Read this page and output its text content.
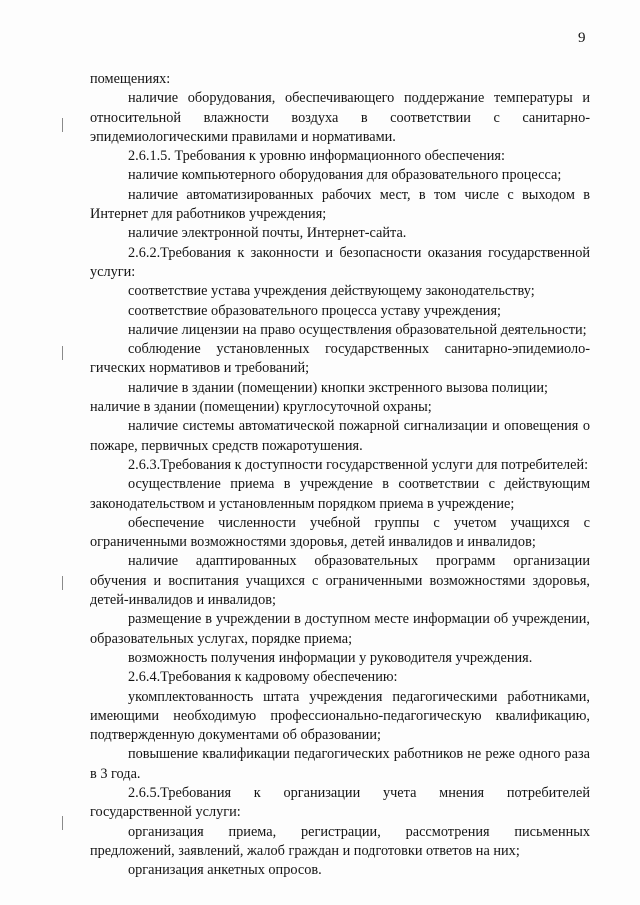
9

помещениях:

наличие оборудования, обеспечивающего поддержание температуры и относительной влажности воздуха в соответствии с санитарно-эпидемиологическими правилами и нормативами.

2.6.1.5. Требования к уровню информационного обеспечения:

наличие компьютерного оборудования для образовательного процесса;

наличие автоматизированных рабочих мест, в том числе с выходом в Интернет для работников учреждения;

наличие электронной почты, Интернет-сайта.

2.6.2.Требования к законности и безопасности оказания государственной услуги:

соответствие устава учреждения действующему законодательству;

соответствие образовательного процесса уставу учреждения;

наличие лицензии на право осуществления образовательной деятельности;

соблюдение установленных государственных санитарно-эпидемиоло-гических нормативов и требований;

наличие в здании (помещении) кнопки экстренного вызова полиции;

наличие в здании (помещении) круглосуточной охраны;

наличие системы автоматической пожарной сигнализации и оповещения о пожаре, первичных средств пожаротушения.

2.6.3.Требования к доступности государственной услуги для потребителей:

осуществление приема в учреждение в соответствии с действующим законодательством и установленным порядком приема в учреждение;

обеспечение численности учебной группы с учетом учащихся с ограниченными возможностями здоровья, детей инвалидов и инвалидов;

наличие адаптированных образовательных программ организации обучения и воспитания учащихся с ограниченными возможностями здоровья, детей-инвалидов и инвалидов;

размещение в учреждении в доступном месте информации об учреждении, образовательных услугах, порядке приема;

возможность получения информации у руководителя учреждения.

2.6.4.Требования к кадровому обеспечению:

укомплектованность штата учреждения педагогическими работниками, имеющими необходимую профессионально-педагогическую квалификацию, подтвержденную документами об образовании;

повышение квалификации педагогических работников не реже одного раза в 3 года.

2.6.5.Требования к организации учета мнения потребителей государственной услуги:

организация приема, регистрации, рассмотрения письменных предложений, заявлений, жалоб граждан и подготовки ответов на них;

организация анкетных опросов.
